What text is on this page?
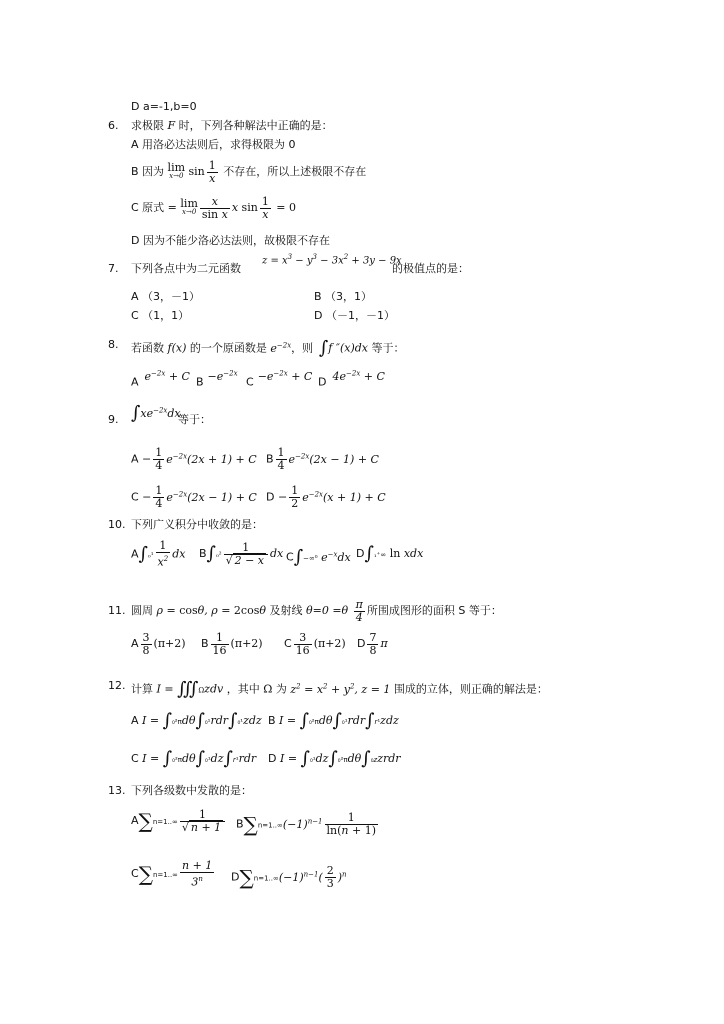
D a=-1,b=0
6. 求极限 F 时，下列各种解法中正确的是：
A 用洛必达法则后，求得极限为 0
B 因为 lim
x→0 $\sin \frac{1}{x}$ 不存在，所以上述极限不存在
C 原式 = lim
$x\to 0 \frac{x}{\text{sin x}}$ x $\sin \frac{1}{x} = 0$
D 因为不能少洛必达法则，故极限不存在
7. 下列各点中为二元函数
$z = x^3 - y^3 - 3x^2 + 3y - 9x$
的极值点的是：
A （3，－1）	B （3，1）
C （1，1）	D （－1，－1）
8. 若函数 f(x) 的一个原函数是 $e^{-2x}$，则 ∫f ″(x)dx 等于：
A $e^{-2x} + C$ $B -e^{-2x}$
$C -e^{-2x} + C$ D $4e^{-2x} + C$
9. $\int xe^{-2x}dx$
等于：
$A - \frac{1}{4} e^{-2x}(2x + 1) + C$ B $\frac{1}{4} e^{-2x}(2x - 1) + C$
$C - \frac{1}{4} e^{-2x}(2x - 1) + C$ $D - \frac{1}{2} e^{-2x}(x + 1) + C$
10. 下列广义积分中收敛的是：
$A\int_0^1 \frac{1}{x^2}$ dx $B\int_0^2 \frac{1}{√ 2 - x}$ dx C∫−∞⁰ $e^{-x}dx$ D∫₁⁺∞ ln xdx
11. 圆周 ρ = cosθ, ρ = 2cosθ 及射线 $\theta=0 =\theta \frac{\pi}{4}$ 所围成图形的面积 S 等于：
A $\frac{3}{8} (\pi+2)$ B $\frac{1}{16} (\pi+2)$ C $\frac{3}{16} (\pi+2)$ D $\frac{7}{8}$ π
12. 计算 I = ∭Ωzdv ，其中 Ω 为 $z^2 = x^2 + y^2$, z = 1 围成的立体，则正确的解法是：
A I = ∫₀²πdθ∫₀¹rdr∫₀¹zdz B I = ∫₀²πdθ∫₀¹rdr∫r¹zdz
C I = ∫₀²πdθ∫₀¹dz∫r¹rdr D I = ∫₀¹dz∫₀²πdθ∫₀zzrdr
13. 下列各级数中发散的是：
$A\sum n=1..\infty \frac{1}{√ n + 1} B\sum n=1..\infty(-1)^{n-1} \frac{1}{\ln(n + 1)}$
$C\sum n=1..\infty \frac{n + 1}{3^n} D\sum n=1..\infty(-1)^{n-1}( \frac{2}{3} )^n$
